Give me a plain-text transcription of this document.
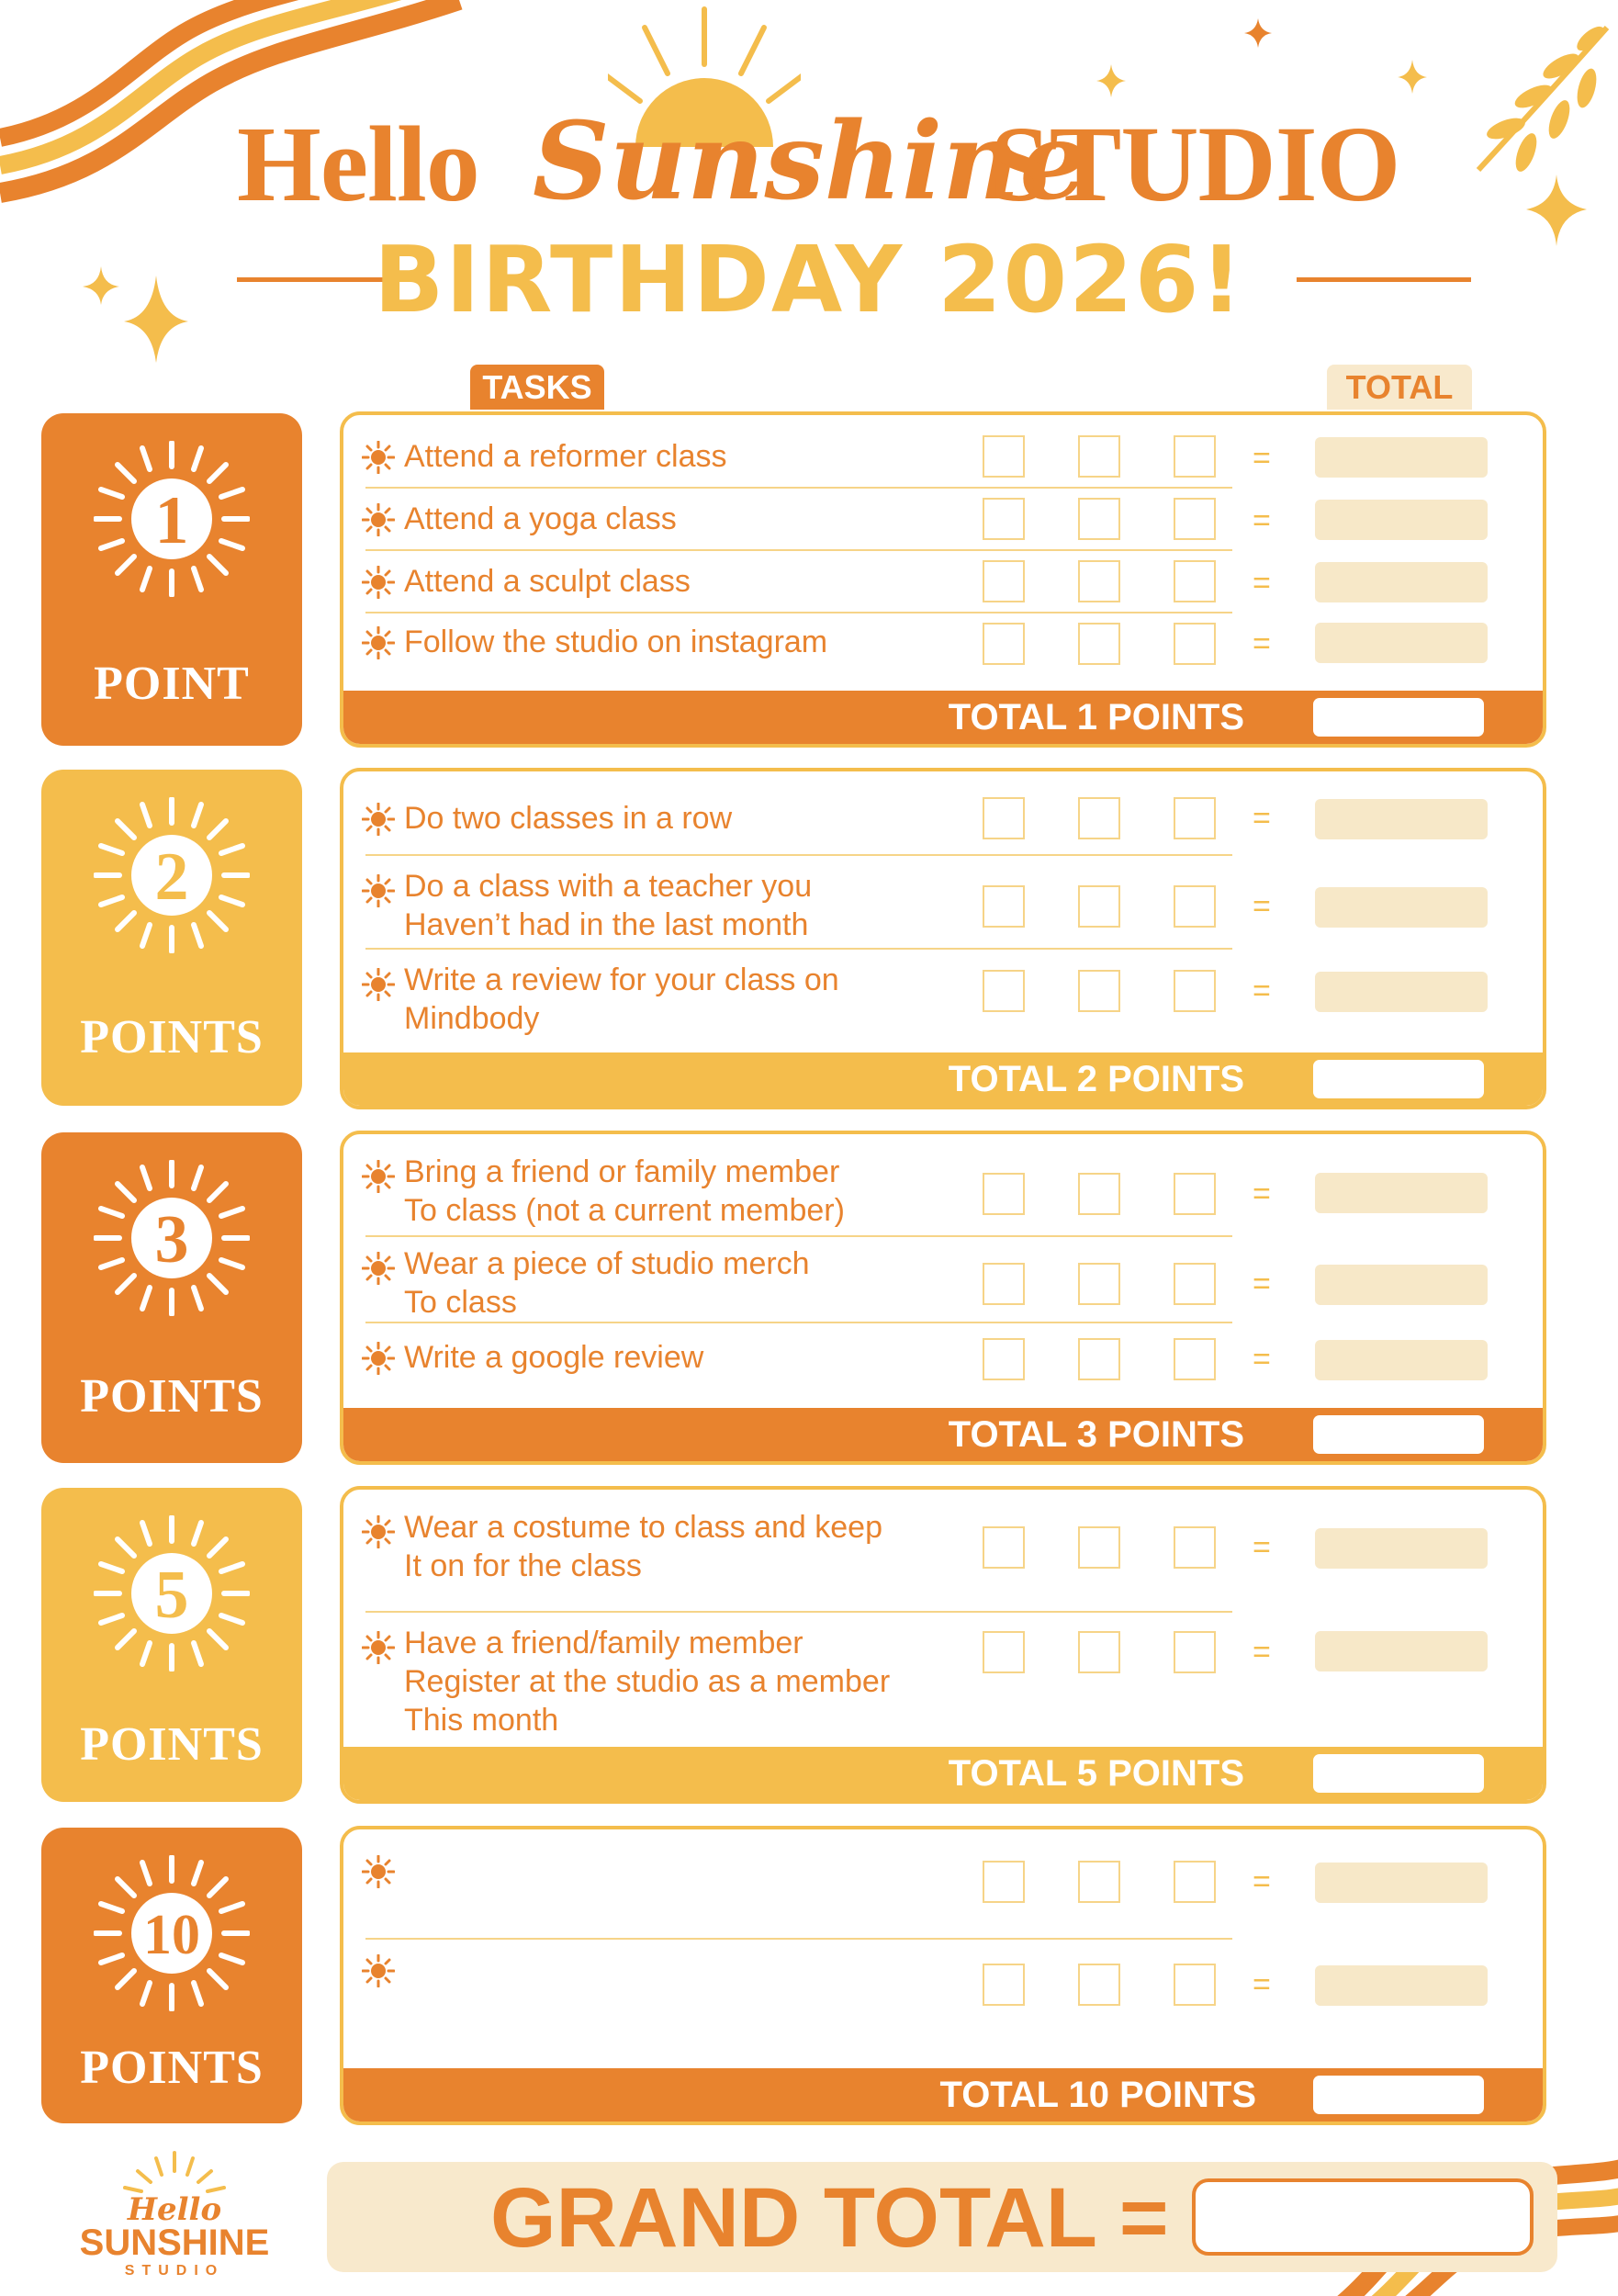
Hello Sunshine
STUDIO
BIRTHDAY 2026!
TASKS	TOTAL
1
POINT
Attend a reformer class	=
Attend a yoga class	=
Attend a sculpt class	=
Follow the studio on instagram	=
TOTAL 1 POINTS
2
POINTS
Do two classes in a row	=
Do a class with a teacher you
Haven’t had in the last month
=
Write a review for your class on
Mindbody
=
TOTAL 2 POINTS
3
POINTS
Bring a friend or family member
To class (not a current member)	=
Wear a piece of studio merch
To class
=
Write a google review	=
TOTAL 3 POINTS
5
POINTS
Wear a costume to class and keep
It on for the class
=
Have a friend/family member
Register at the studio as a member
This month
=
TOTAL 5 POINTS
10
POINTS
=
=
TOTAL 10 POINTS
Hello
SUNSHINE
STUDIO
GRAND TOTAL =
